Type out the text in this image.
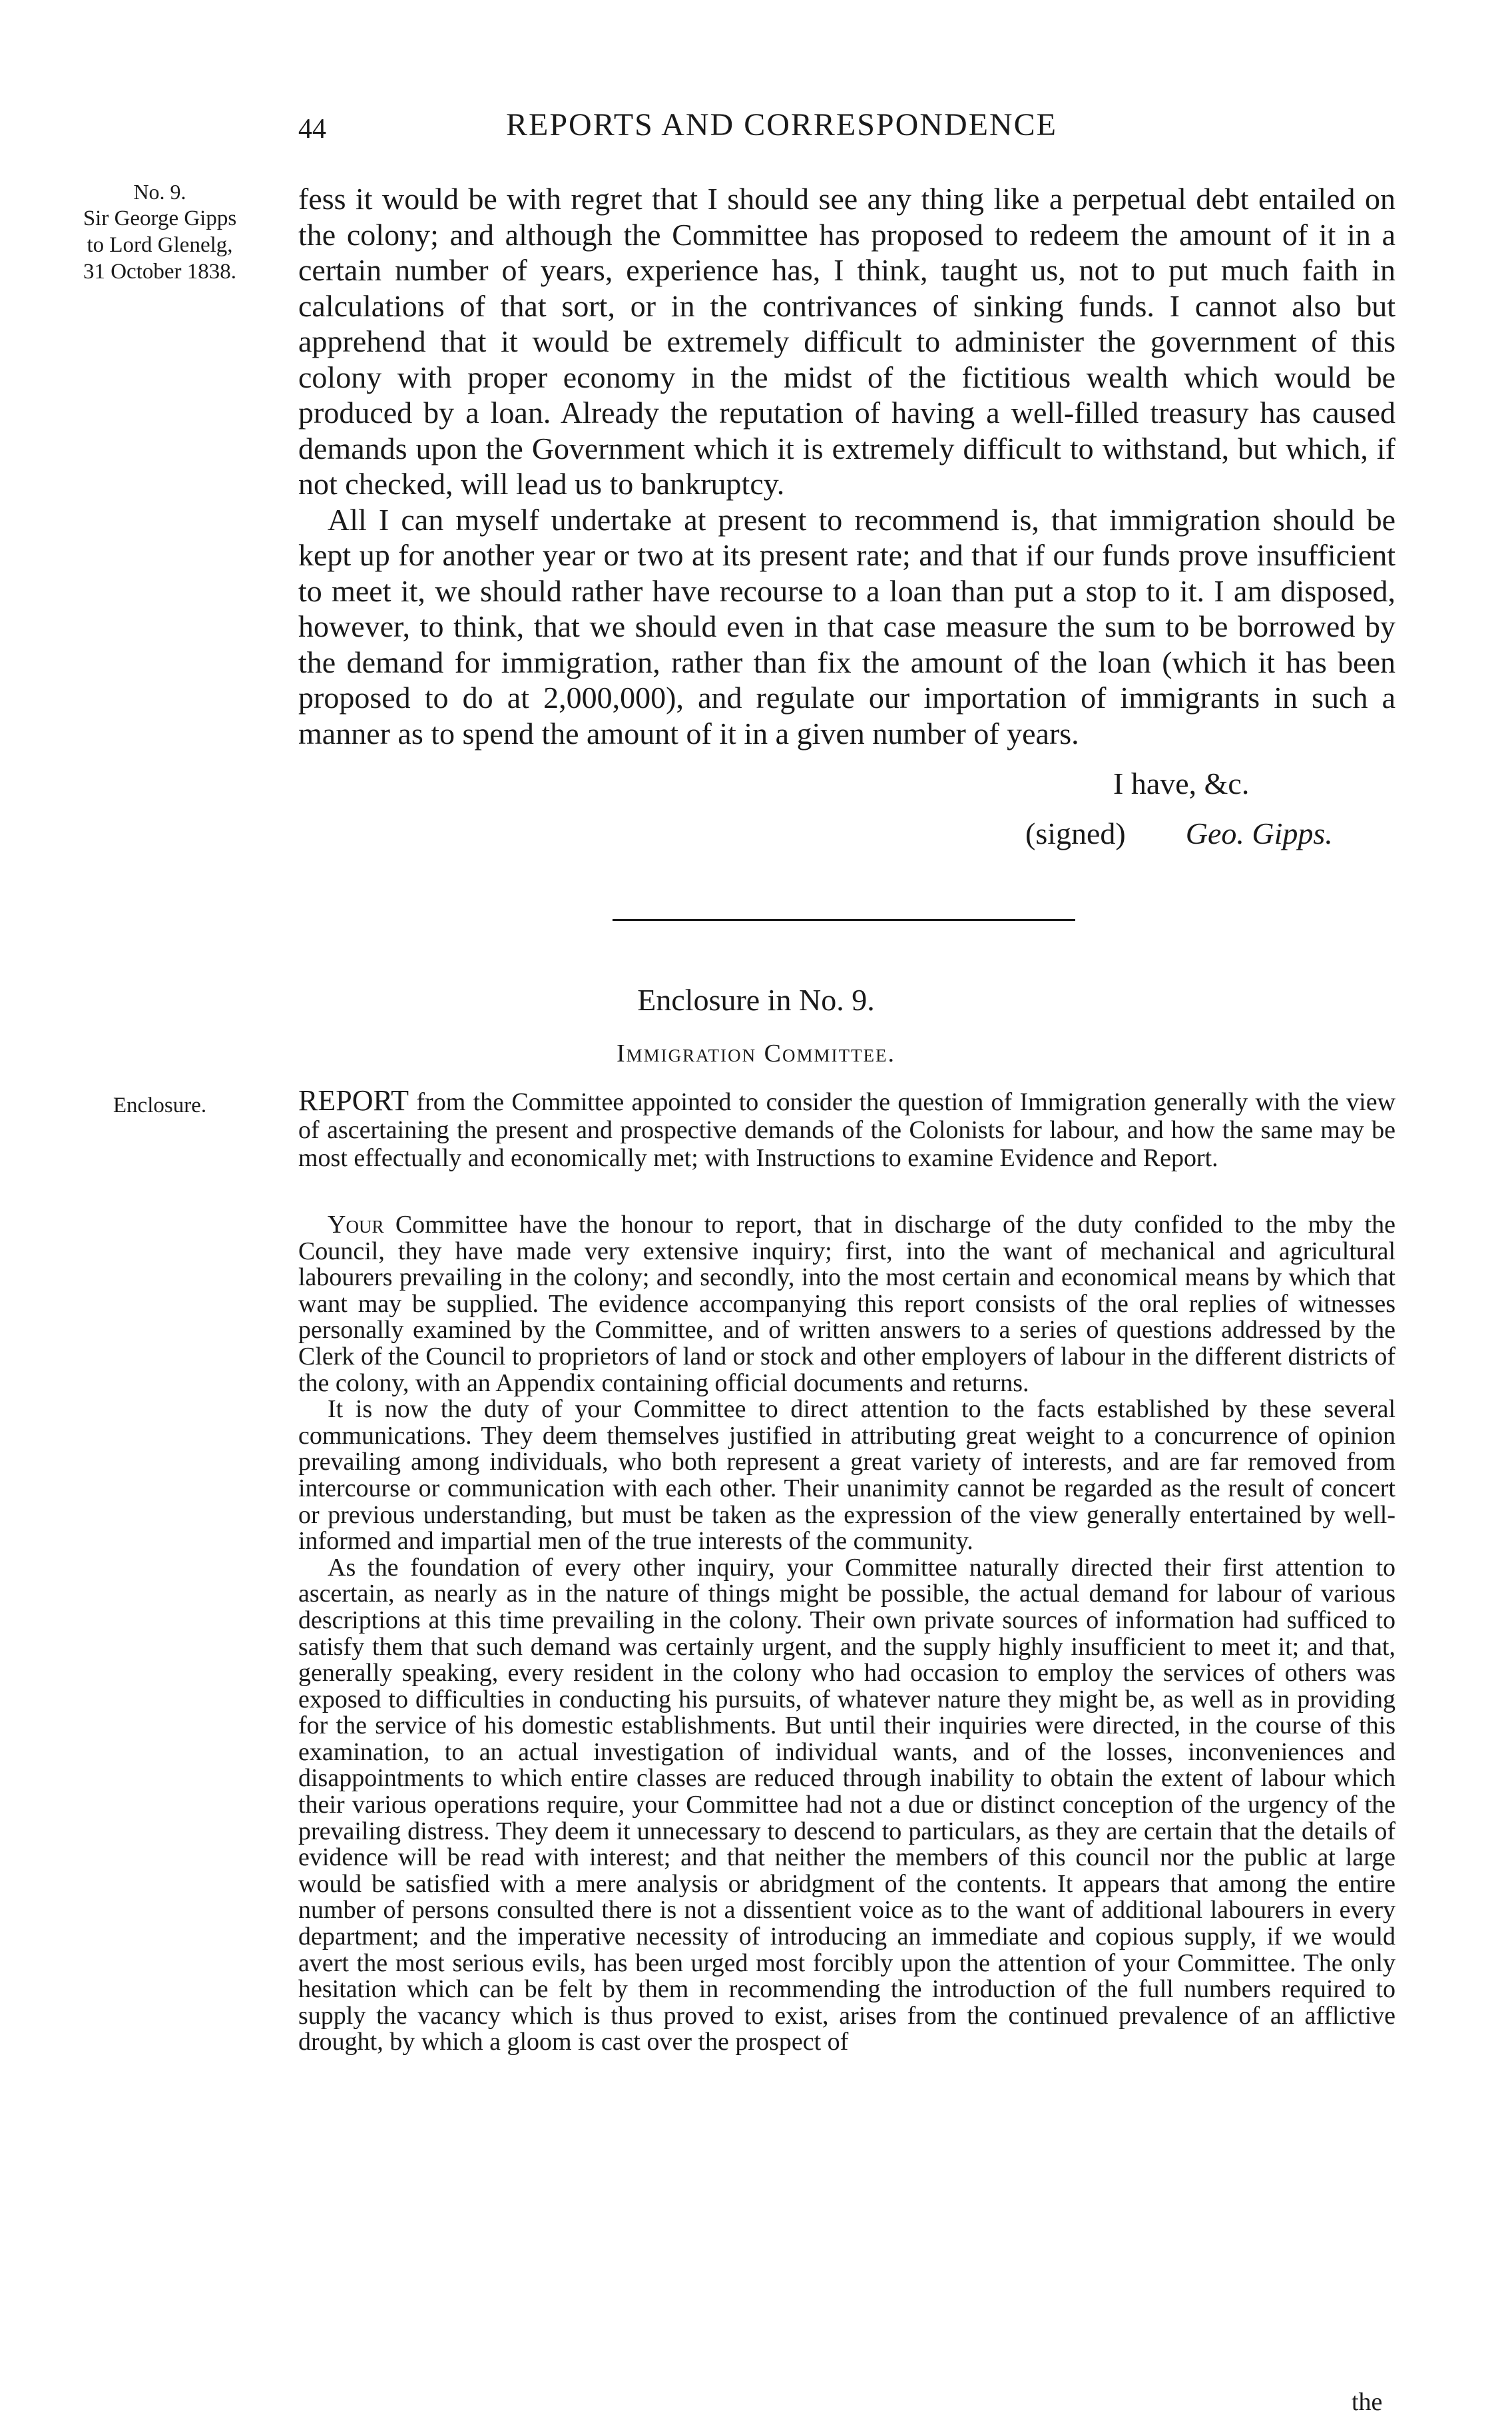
44	REPORTS AND CORRESPONDENCE
No. 9.
Sir George Gipps
to Lord Glenelg,
31 October 1838.

fess it would be with regret that I should see any thing like a perpetual debt entailed on the colony; and although the Committee has proposed to redeem the amount of it in a certain number of years, experience has, I think, taught us, not to put much faith in calculations of that sort, or in the contrivances of sinking funds. I cannot also but apprehend that it would be extremely difficult to administer the government of this colony with proper economy in the midst of the fictitious wealth which would be produced by a loan. Already the reputation of having a well-filled treasury has caused demands upon the Government which it is extremely difficult to withstand, but which, if not checked, will lead us to bankruptcy.

All I can myself undertake at present to recommend is, that immigration should be kept up for another year or two at its present rate; and that if our funds prove insufficient to meet it, we should rather have recourse to a loan than put a stop to it. I am disposed, however, to think, that we should even in that case measure the sum to be borrowed by the demand for immigration, rather than fix the amount of the loan (which it has been proposed to do at 2,000,000), and regulate our importation of immigrants in such a manner as to spend the amount of it in a given number of years.

I have, &c.
(signed) Geo. Gipps.
Enclosure in No. 9.
Immigration Committee.
Enclosure.	REPORT from the Committee appointed to consider the question of Immigration generally with the view of ascertaining the present and prospective demands of the Colonists for labour, and how the same may be most effectually and economically met; with Instructions to examine Evidence and Report.

Your Committee have the honour to report, that in discharge of the duty confided to the mby the Council, they have made very extensive inquiry; first, into the want of mechanical and agricultural labourers prevailing in the colony; and secondly, into the most certain and economical means by which that want may be supplied. The evidence accompanying this report consists of the oral replies of witnesses personally examined by the Committee, and of written answers to a series of questions addressed by the Clerk of the Council to proprietors of land or stock and other employers of labour in the different districts of the colony, with an Appendix containing official documents and returns.

It is now the duty of your Committee to direct attention to the facts established by these several communications. They deem themselves justified in attributing great weight to a concurrence of opinion prevailing among individuals, who both represent a great variety of interests, and are far removed from intercourse or communication with each other. Their unanimity cannot be regarded as the result of concert or previous understanding, but must be taken as the expression of the view generally entertained by well-informed and impartial men of the true interests of the community.

As the foundation of every other inquiry, your Committee naturally directed their first attention to ascertain, as nearly as in the nature of things might be possible, the actual demand for labour of various descriptions at this time prevailing in the colony. Their own private sources of information had sufficed to satisfy them that such demand was certainly urgent, and the supply highly insufficient to meet it; and that, generally speaking, every resident in the colony who had occasion to employ the services of others was exposed to difficulties in conducting his pursuits, of whatever nature they might be, as well as in providing for the service of his domestic establishments. But until their inquiries were directed, in the course of this examination, to an actual investigation of individual wants, and of the losses, inconveniences and disappointments to which entire classes are reduced through inability to obtain the extent of labour which their various operations require, your Committee had not a due or distinct conception of the urgency of the prevailing distress. They deem it unnecessary to descend to particulars, as they are certain that the details of evidence will be read with interest; and that neither the members of this council nor the public at large would be satisfied with a mere analysis or abridgment of the contents. It appears that among the entire number of persons consulted there is not a dissentient voice as to the want of additional labourers in every department; and the imperative necessity of introducing an immediate and copious supply, if we would avert the most serious evils, has been urged most forcibly upon the attention of your Committee. The only hesitation which can be felt by them in recommending the introduction of the full numbers required to supply the vacancy which is thus proved to exist, arises from the continued prevalence of an afflictive drought, by which a gloom is cast over the prospect of

the
